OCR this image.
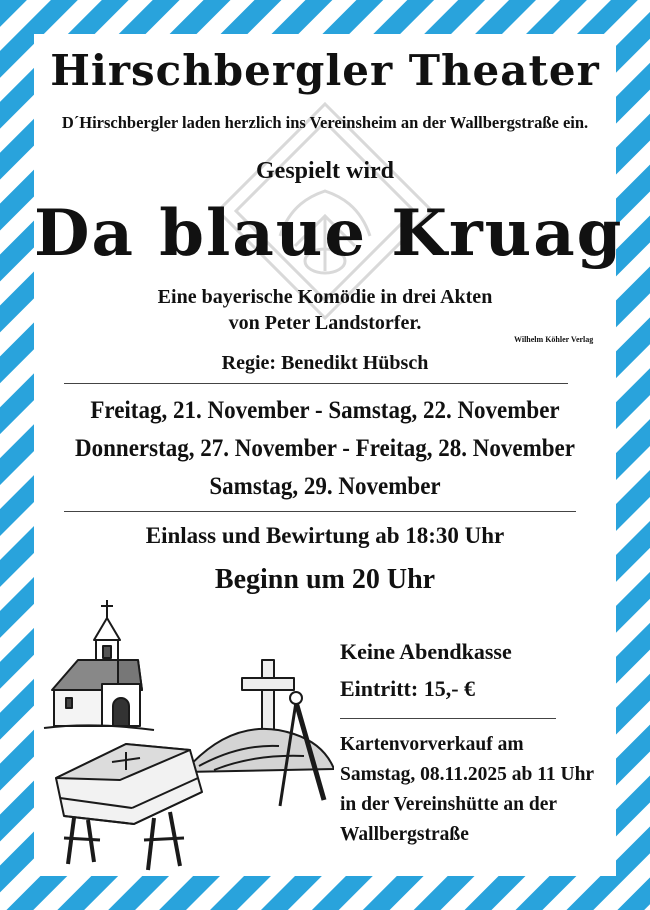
Hirschbergler Theater
D´Hirschbergler laden herzlich ins Vereinsheim an der Wallbergstraße ein.
Gespielt wird
Da blaue Kruag
Eine bayerische Komödie in drei Akten
von Peter Landstorfer.
Wilhelm Köhler Verlag
Regie: Benedikt Hübsch
Freitag, 21. November - Samstag, 22. November
Donnerstag, 27. November - Freitag, 28. November
Samstag, 29. November
Einlass und Bewirtung ab 18:30 Uhr
Beginn um 20 Uhr
Keine Abendkasse
Eintritt: 15,- €
Kartenvorverkauf am
Samstag, 08.11.2025 ab 11 Uhr
in der Vereinshütte an der
Wallbergstraße
